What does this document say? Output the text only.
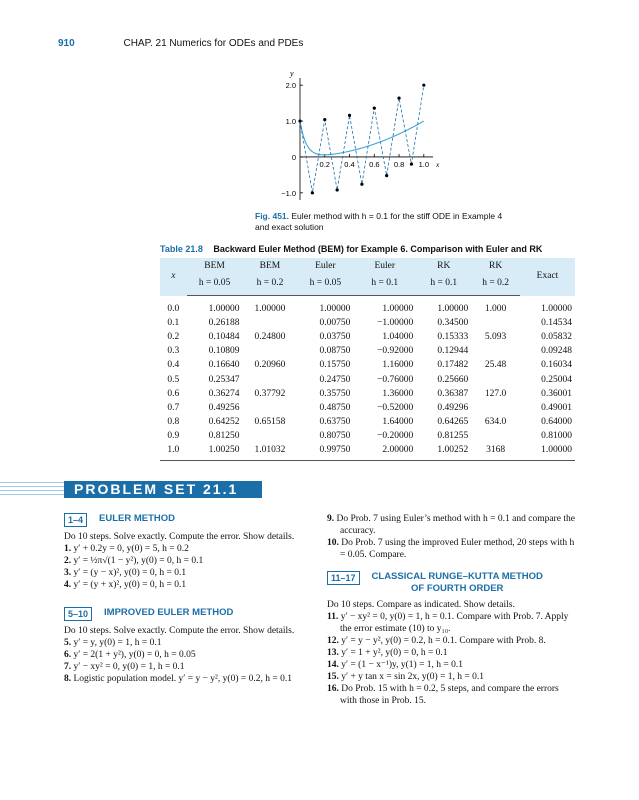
910	CHAP. 21 Numerics for ODEs and PDEs
y
2.0
1.0
0
−1.0
0.2 0.4 0.6 0.8 1.0 x
Fig. 451. Euler method with h = 0.1 for the stiff ODE in Example 4 and exact solution
Table 21.8 Backward Euler Method (BEM) for Example 6. Comparison with Euler and RK
x	BEM	BEM	Euler	Euler	RK	RK	Exact
	h = 0.05	h = 0.2	h = 0.05	h = 0.1	h = 0.1	h = 0.2	
0.0	1.00000	1.00000	1.00000	1.00000	1.00000	1.000	1.00000
0.1	0.26188		0.00750	−1.00000	0.34500		0.14534
0.2	0.10484	0.24800	0.03750	1.04000	0.15333	5.093	0.05832
0.3	0.10809		0.08750	−0.92000	0.12944		0.09248
0.4	0.16640	0.20960	0.15750	1.16000	0.17482	25.48	0.16034
0.5	0.25347		0.24750	−0.76000	0.25660		0.25004
0.6	0.36274	0.37792	0.35750	1.36000	0.36387	127.0	0.36001
0.7	0.49256		0.48750	−0.52000	0.49296		0.49001
0.8	0.64252	0.65158	0.63750	1.64000	0.64265	634.0	0.64000
0.9	0.81250		0.80750	−0.20000	0.81255		0.81000
1.0	1.00250	1.01032	0.99750	2.00000	1.00252	3168	1.00000
PROBLEM SET 21.1
1–4	EULER METHOD
Do 10 steps. Solve exactly. Compute the error. Show details.
1. y′ + 0.2y = 0, y(0) = 5, h = 0.2
2. y′ = ½π√(1 − y²), y(0) = 0, h = 0.1
3. y′ = (y − x)², y(0) = 0, h = 0.1
4. y′ = (y + x)², y(0) = 0, h = 0.1
5–10	IMPROVED EULER METHOD
Do 10 steps. Solve exactly. Compute the error. Show details.
5. y′ = y, y(0) = 1, h = 0.1
6. y′ = 2(1 + y²), y(0) = 0, h = 0.05
7. y′ − xy² = 0, y(0) = 1, h = 0.1
8. Logistic population model. y′ = y − y², y(0) = 0.2, h = 0.1
9. Do Prob. 7 using Euler’s method with h = 0.1 and compare the accuracy.
10. Do Prob. 7 using the improved Euler method, 20 steps with h = 0.05. Compare.
11–17	CLASSICAL RUNGE–KUTTA METHOD
OF FOURTH ORDER
Do 10 steps. Compare as indicated. Show details.
11. y′ − xy² = 0, y(0) = 1, h = 0.1. Compare with Prob. 7. Apply the error estimate (10) to y₁₀.
12. y′ = y − y², y(0) = 0.2, h = 0.1. Compare with Prob. 8.
13. y′ = 1 + y², y(0) = 0, h = 0.1
14. y′ = (1 − x⁻¹)y, y(1) = 1, h = 0.1
15. y′ + y tan x = sin 2x, y(0) = 1, h = 0.1
16. Do Prob. 15 with h = 0.2, 5 steps, and compare the errors with those in Prob. 15.
